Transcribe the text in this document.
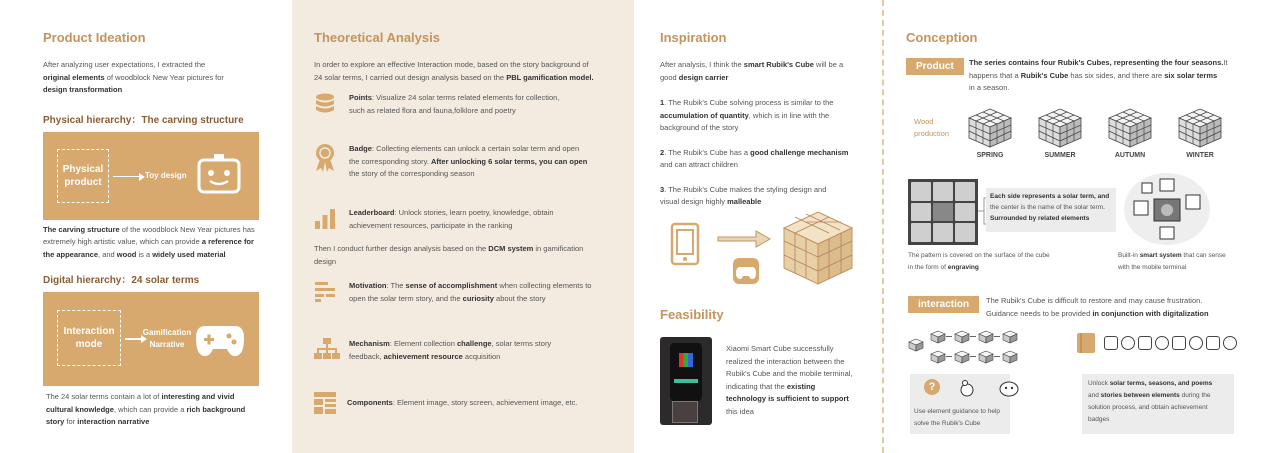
Product Ideation

After analyzing user expectations, I extracted the
original elements of woodblock New Year pictures for
design transformation

Physical hierarchy：The carving structure
Physical product
Toy design

The carving structure of the woodblock New Year pictures has
extremely high artistic value, which can provide a reference for
the appearance, and wood is a widely used material

Digital hierarchy：24 solar terms
Interaction mode
Gamification Narrative

The 24 solar terms contain a lot of interesting and vivid
cultural knowledge, which can provide a rich background
story for interaction narrative

Theoretical Analysis

In order to explore an effective Interaction mode, based on the story background of
24 solar terms, I carried out design analysis based on the PBL gamification model.

Points: Visualize 24 solar terms related elements for collection,
such as related flora and fauna,folklore and poetry

Badge: Collecting elements can unlock a certain solar term and open
the corresponding story. After unlocking 6 solar terms, you can open
the story of the corresponding season

Leaderboard: Unlock stories, learn poetry, knowledge, obtain
achievement resources, participate in the ranking

Then I conduct further design analysis based on the DCM system in gamification
design

Motivation: The sense of accomplishment when collecting elements to
open the solar term story, and the curiosity about the story

Mechanism: Element collection challenge, solar terms story
feedback, achievement resource acquisition

Components: Element image, story screen, achievement image, etc.

Inspiration

After analysis, I think the smart Rubik's Cube will be a
good design carrier

1. The Rubik's Cube solving process is similar to the
accumulation of quantity, which is in line with the
background of the story

2. The Rubik's Cube has a good challenge mechanism
and can attract children

3. The Rubik's Cube makes the styling design and
visual design highly malleable

Feasibility

Xiaomi Smart Cube successfully
realized the interaction between the
Rubik's Cube and the mobile terminal,
indicating that the existing
technology is sufficient to support
this idea

Conception
Product	The series contains four Rubik's Cubes, representing the four seasons.It
happens that a Rubik's Cube has six sides, and there are six solar terms
in a season.

Wood production
SPRING	SUMMER	AUTUMN	WINTER

Each side represents a solar term, and
the center is the name of the solar term.
Surrounded by related elements

The pattern is covered on the surface of the cube
in the form of engraving

Built-in smart system that can sense
with the mobile terminal

interaction	The Rubik's Cube is difficult to restore and may cause frustration.
Guidance needs to be provided in conjunction with digitalization

?

Use element guidance to help
solve the Rubik's Cube

Unlock solar terms, seasons, and poems
and stories between elements during the
solution process, and obtain achievement
badges
